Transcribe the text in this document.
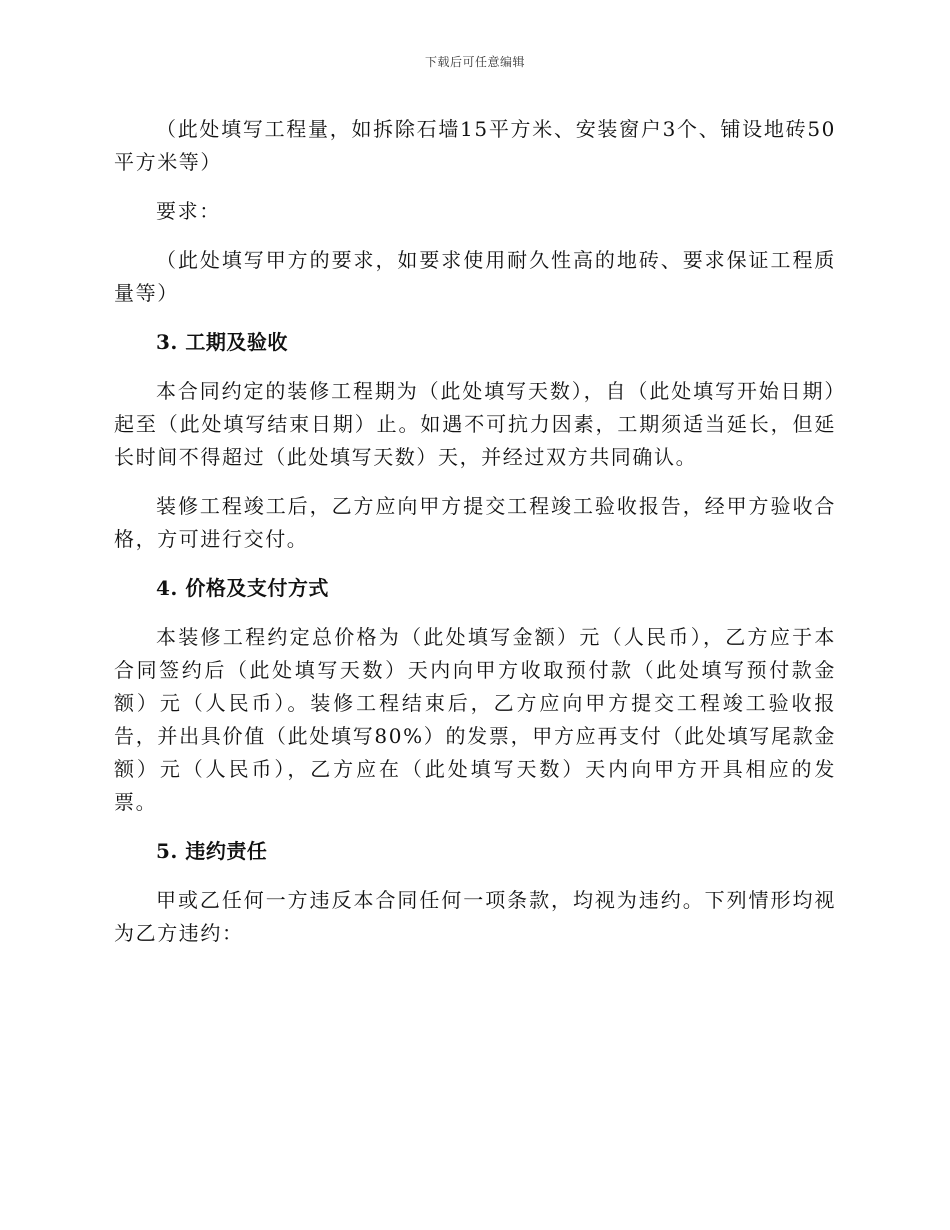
下载后可任意编辑

（此处填写工程量，如拆除石墙15平方米、安装窗户3个、铺设地砖50平方米等）

要求：

（此处填写甲方的要求，如要求使用耐久性高的地砖、要求保证工程质量等）

3. 工期及验收

本合同约定的装修工程期为（此处填写天数），自（此处填写开始日期）起至（此处填写结束日期）止。如遇不可抗力因素，工期须适当延长，但延长时间不得超过（此处填写天数）天，并经过双方共同确认。

装修工程竣工后，乙方应向甲方提交工程竣工验收报告，经甲方验收合格，方可进行交付。

4. 价格及支付方式

本装修工程约定总价格为（此处填写金额）元（人民币），乙方应于本合同签约后（此处填写天数）天内向甲方收取预付款（此处填写预付款金额）元（人民币）。装修工程结束后，乙方应向甲方提交工程竣工验收报告，并出具价值（此处填写80%）的发票，甲方应再支付（此处填写尾款金额）元（人民币），乙方应在（此处填写天数）天内向甲方开具相应的发票。

5. 违约责任

甲或乙任何一方违反本合同任何一项条款，均视为违约。下列情形均视为乙方违约：
